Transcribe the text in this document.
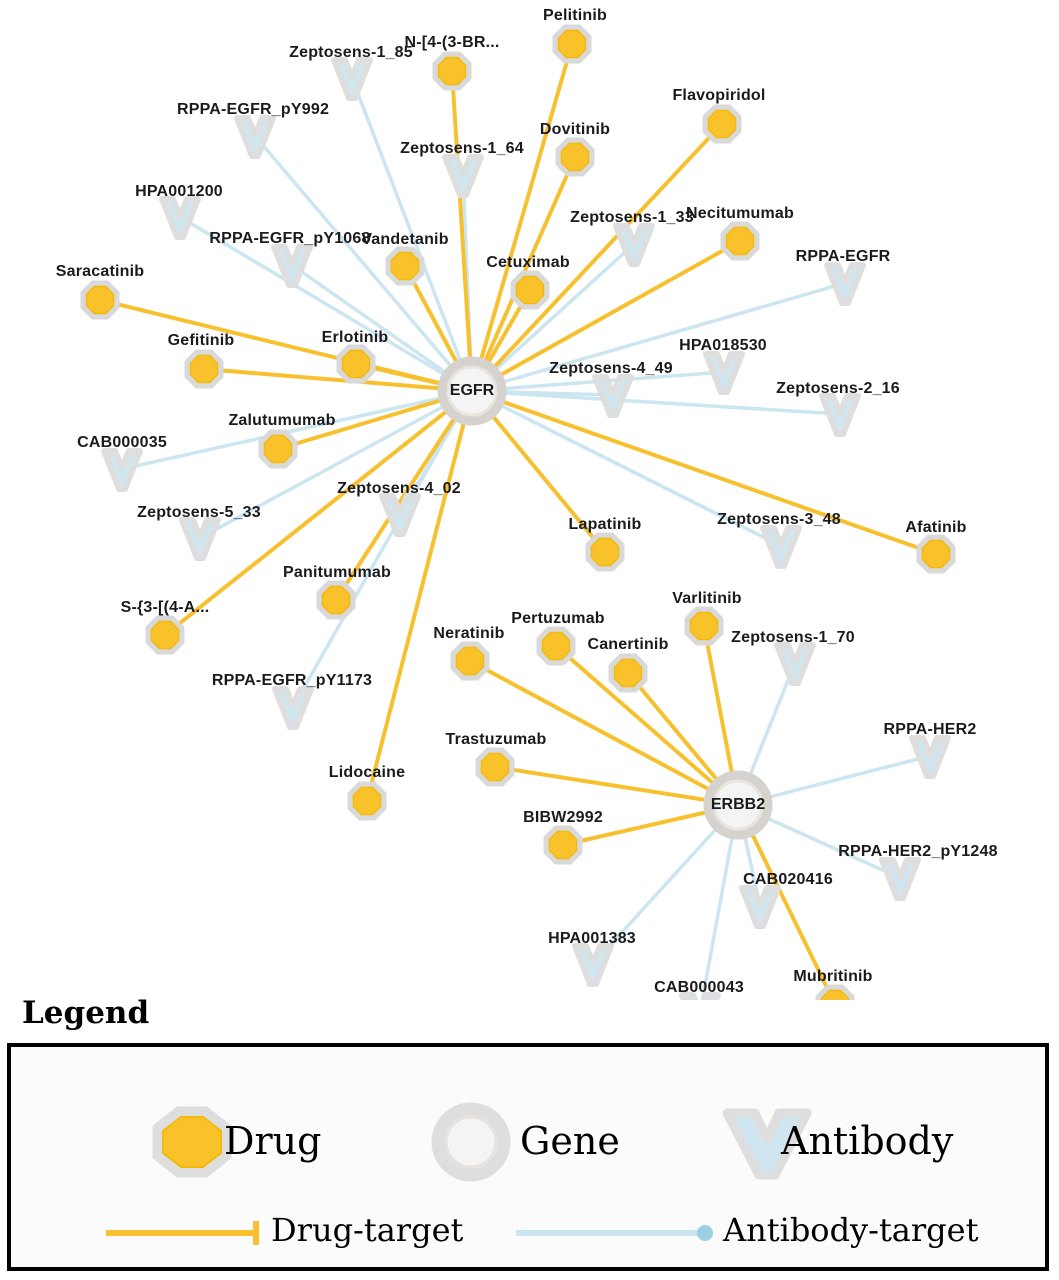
Pelitinib
N-[4-(3-BR...
Flavopiridol
Dovitinib
Necitumumab
Vandetanib
Cetuximab
Saracatinib
Erlotinib
Gefitinib
Zalutumumab
Afatinib
Lapatinib
Panitumumab
S-{3-[(4-A...
Varlitinib
Pertuzumab
Neratinib
Canertinib
Trastuzumab
Lidocaine
BIBW2992
Mubritinib
Zeptosens-1_85
RPPA-EGFR_pY992
Zeptosens-1_64
HPA001200
Zeptosens-1_33
RPPA-EGFR_pY1068
RPPA-EGFR
HPA018530
Zeptosens-4_49
Zeptosens-2_16
CAB000035
Zeptosens-4_02
Zeptosens-5_33	Zeptosens-3_48
Zeptosens-1_70
RPPA-EGFR_pY1173
RPPA-HER2
RPPA-HER2_pY1248
CAB020416
HPA001383
CAB000043
EGFR
ERBB2
Legend
Drug	Gene	Antibody
Drug-target	Antibody-target
